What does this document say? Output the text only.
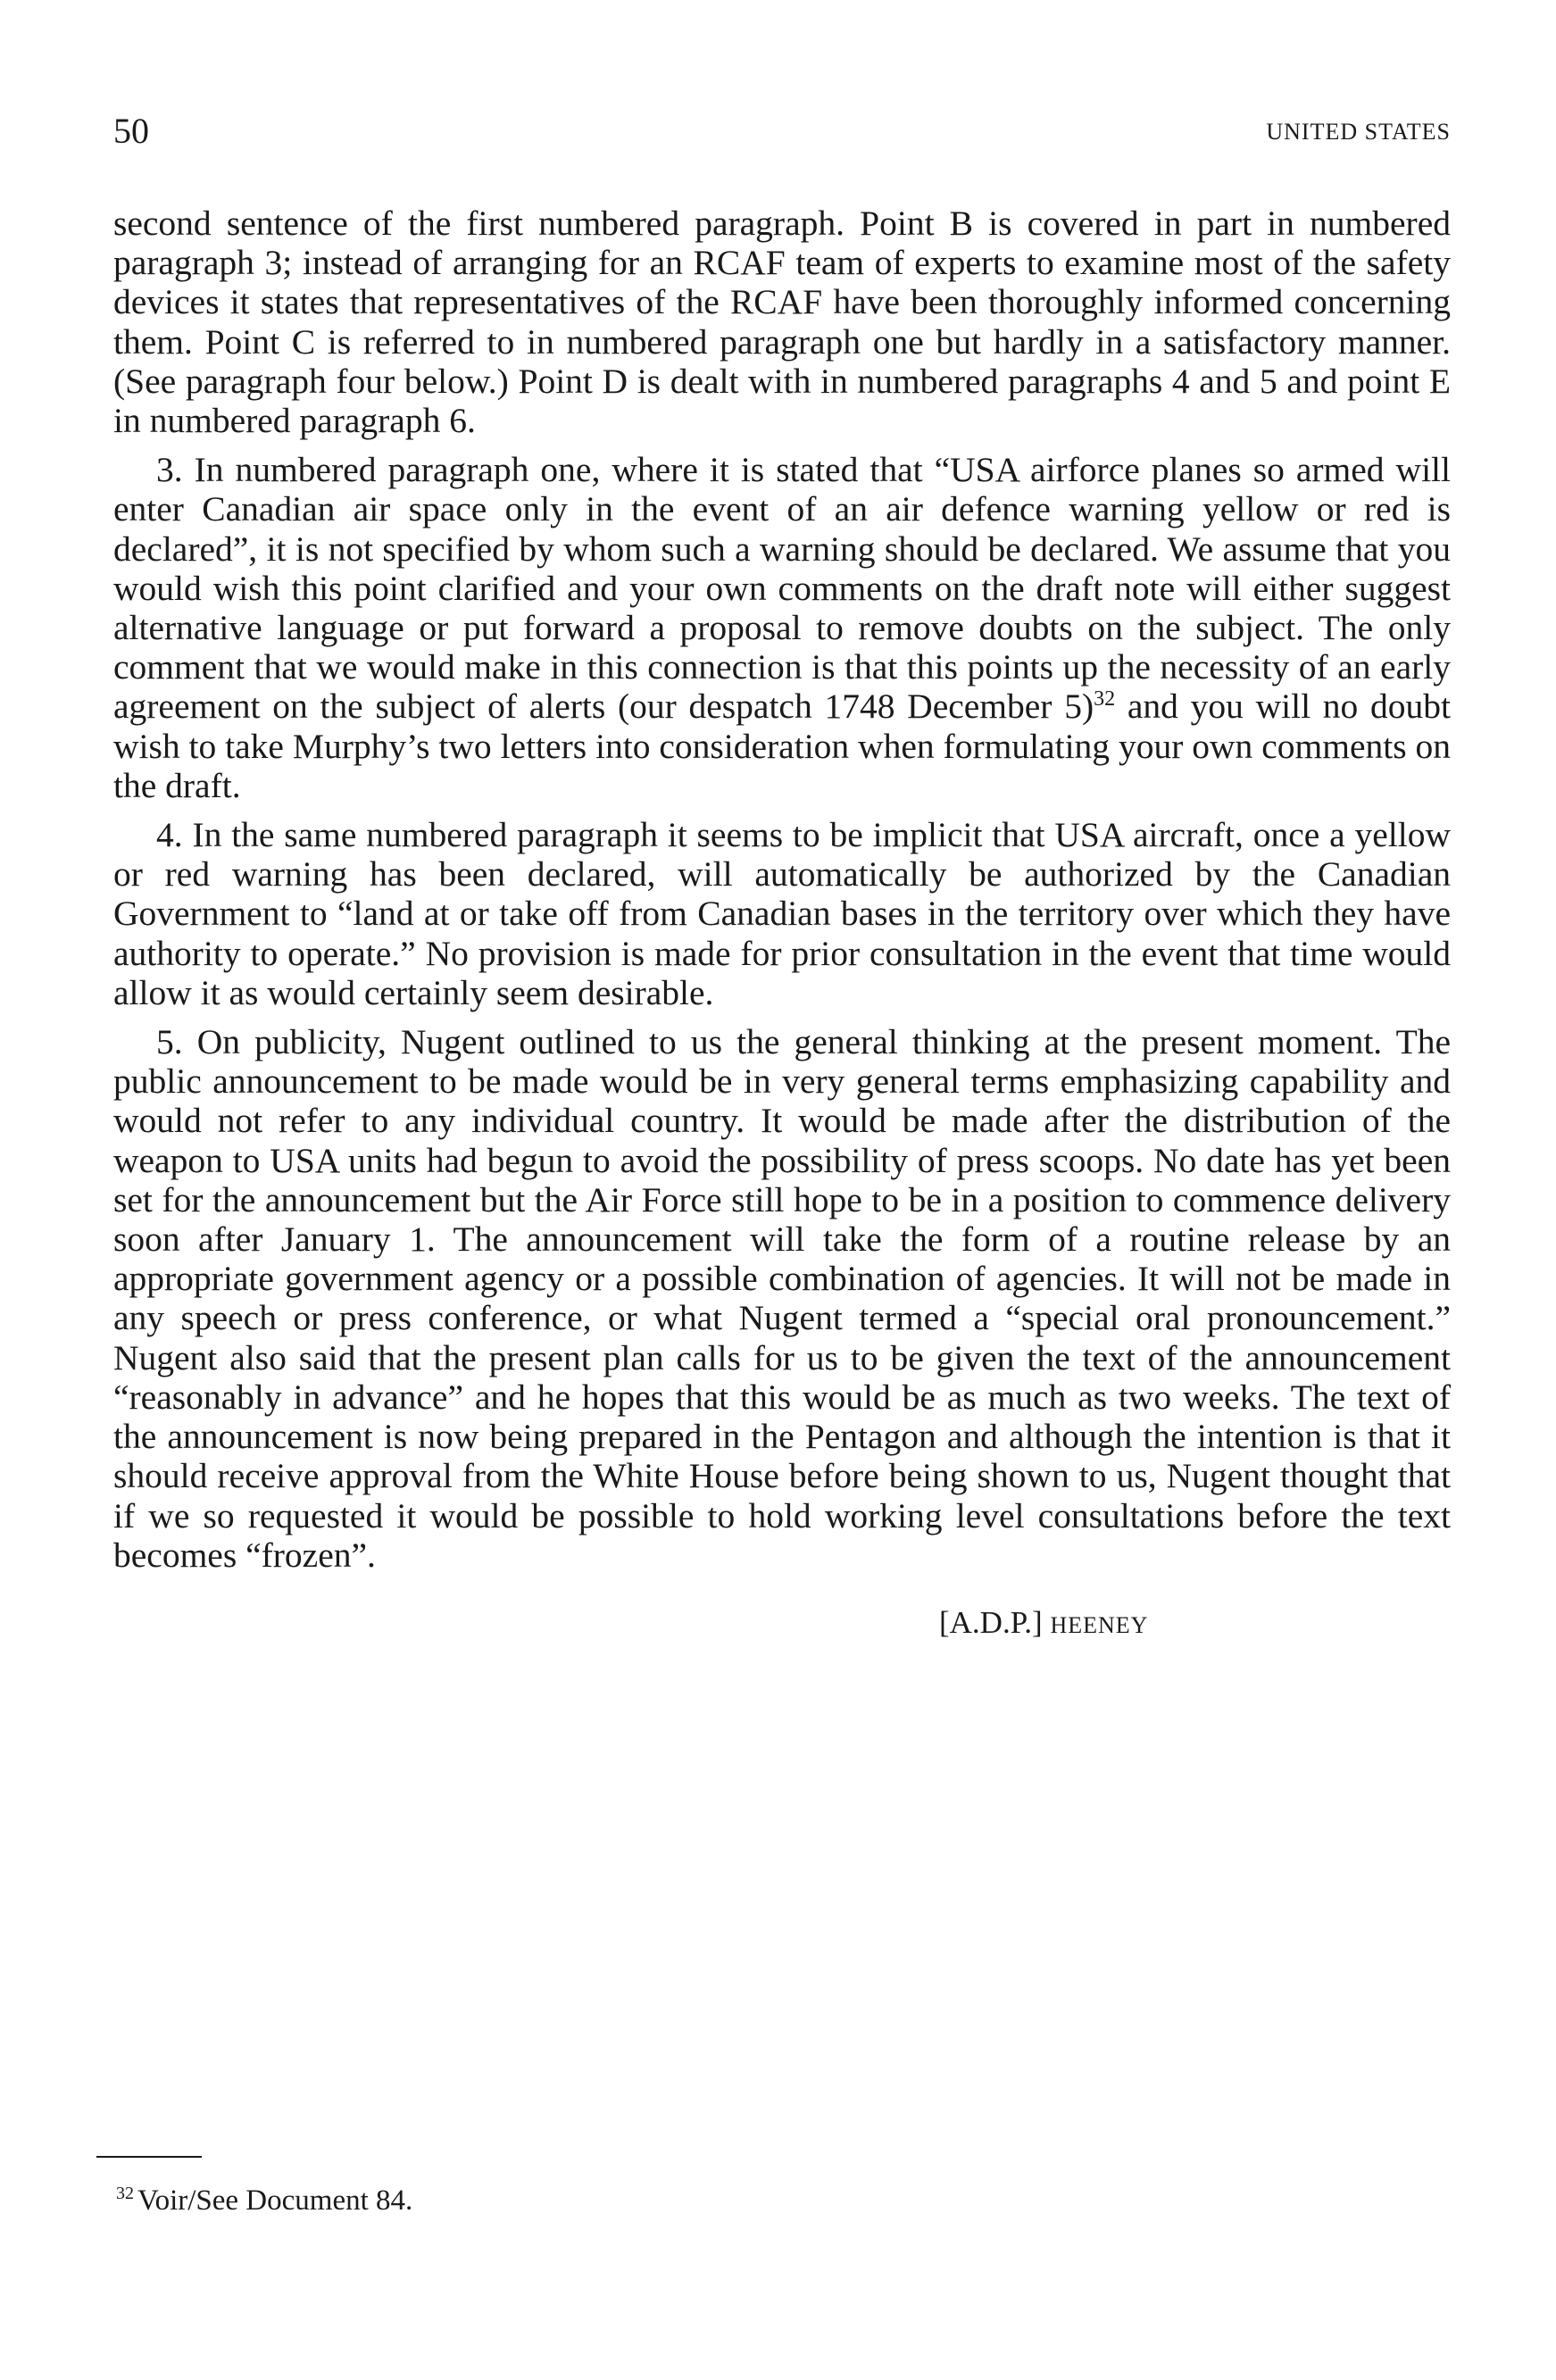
50	UNITED STATES

second sentence of the first numbered paragraph. Point B is covered in part in numbered paragraph 3; instead of arranging for an RCAF team of experts to examine most of the safety devices it states that representatives of the RCAF have been thoroughly informed concerning them. Point C is referred to in numbered paragraph one but hardly in a satisfactory manner. (See paragraph four below.) Point D is dealt with in numbered paragraphs 4 and 5 and point E in numbered paragraph 6.

3. In numbered paragraph one, where it is stated that “USA airforce planes so armed will enter Canadian air space only in the event of an air defence warning yellow or red is declared”, it is not specified by whom such a warning should be declared. We assume that you would wish this point clarified and your own comments on the draft note will either suggest alternative language or put forward a proposal to remove doubts on the subject. The only comment that we would make in this connection is that this points up the necessity of an early agreement on the subject of alerts (our despatch 1748 December 5)$^{32}$ and you will no doubt wish to take Murphy’s two letters into consideration when formulating your own comments on the draft.

4. In the same numbered paragraph it seems to be implicit that USA aircraft, once a yellow or red warning has been declared, will automatically be authorized by the Canadian Government to “land at or take off from Canadian bases in the territory over which they have authority to operate.” No provision is made for prior consultation in the event that time would allow it as would certainly seem desirable.

5. On publicity, Nugent outlined to us the general thinking at the present moment. The public announcement to be made would be in very general terms emphasizing capability and would not refer to any individual country. It would be made after the distribution of the weapon to USA units had begun to avoid the possibility of press scoops. No date has yet been set for the announcement but the Air Force still hope to be in a position to commence delivery soon after January 1. The announcement will take the form of a routine release by an appropriate government agency or a possible combination of agencies. It will not be made in any speech or press conference, or what Nugent termed a “special oral pronouncement.” Nugent also said that the present plan calls for us to be given the text of the announcement “reasonably in advance” and he hopes that this would be as much as two weeks. The text of the announcement is now being prepared in the Pentagon and although the intention is that it should receive approval from the White House before being shown to us, Nugent thought that if we so requested it would be possible to hold working level consultations before the text becomes “frozen”.

[A.D.P.] HEENEY
$^{32}$ Voir/See Document 84.
